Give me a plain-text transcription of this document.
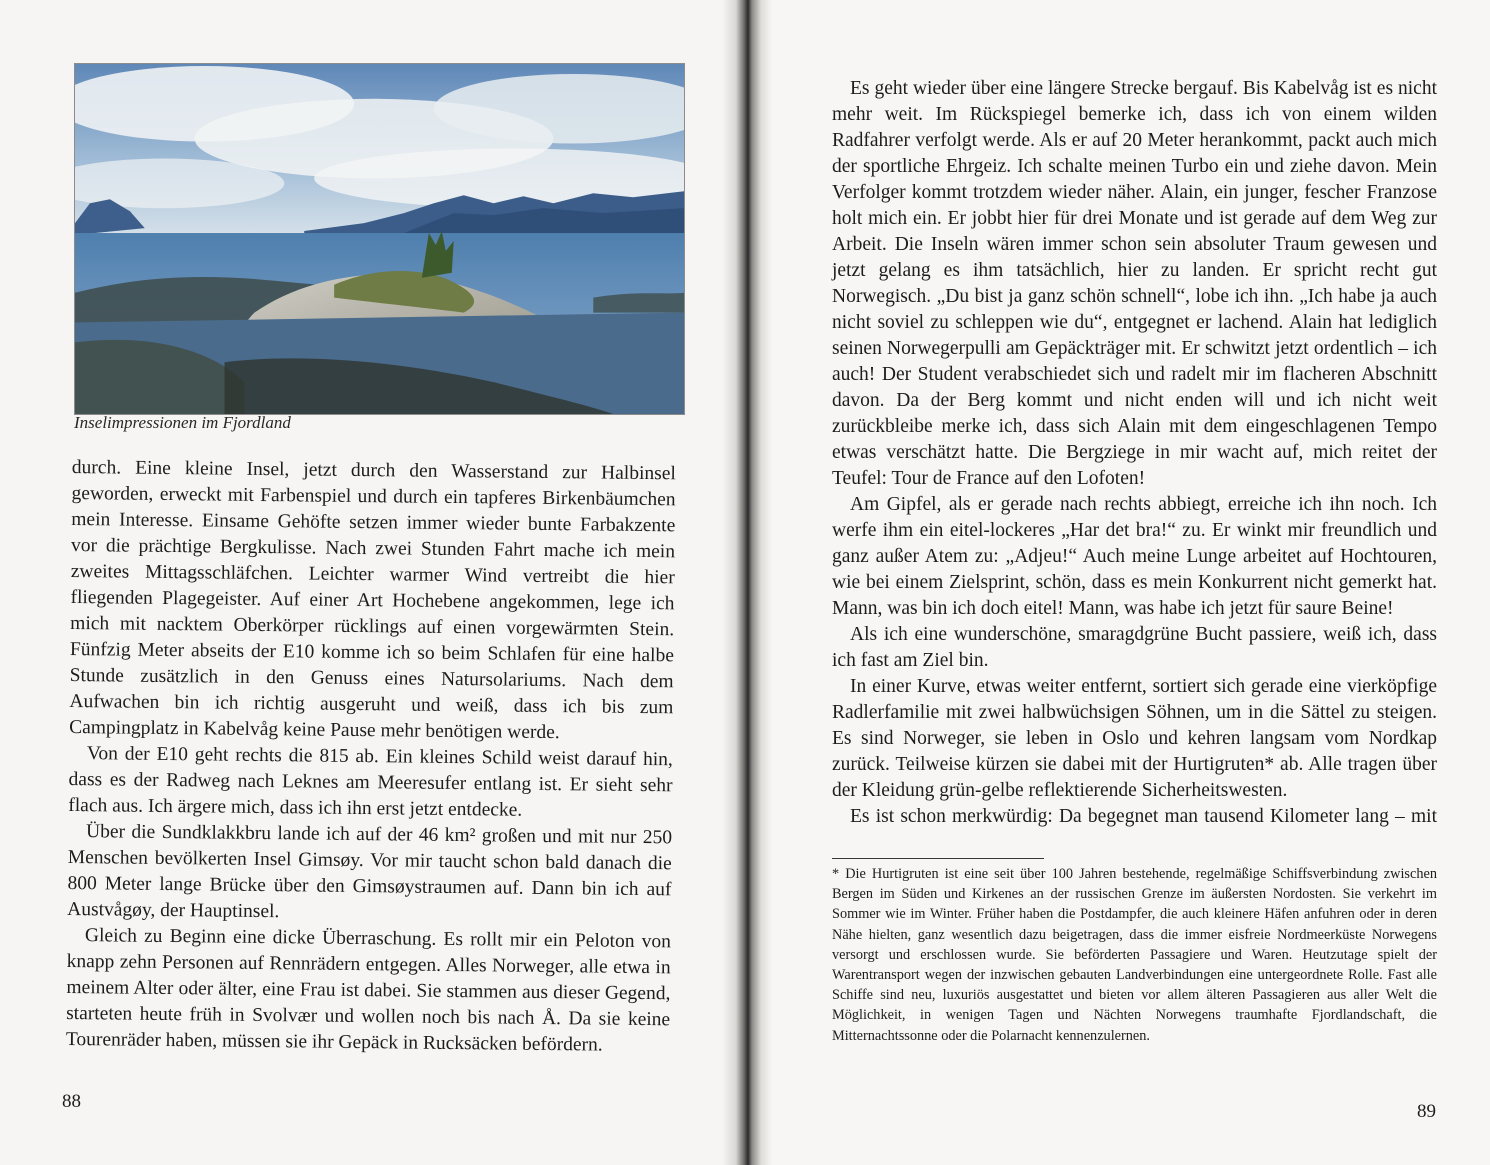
Inselimpressionen im Fjordland

durch. Eine kleine Insel, jetzt durch den Wasserstand zur Halbinsel geworden, erweckt mit Farbenspiel und durch ein tapferes Birkenbäumchen mein Interesse. Einsame Gehöfte setzen immer wieder bunte Farbakzente vor die prächtige Bergkulisse. Nach zwei Stunden Fahrt mache ich mein zweites Mittagsschläfchen. Leichter warmer Wind vertreibt die hier fliegenden Plagegeister. Auf einer Art Hochebene angekommen, lege ich mich mit nacktem Oberkörper rücklings auf einen vorgewärmten Stein. Fünfzig Meter abseits der E10 komme ich so beim Schlafen für eine halbe Stunde zusätzlich in den Genuss eines Natursolariums. Nach dem Aufwachen bin ich richtig ausgeruht und weiß, dass ich bis zum Campingplatz in Kabelvåg keine Pause mehr benötigen werde.

Von der E10 geht rechts die 815 ab. Ein kleines Schild weist darauf hin, dass es der Radweg nach Leknes am Meeresufer entlang ist. Er sieht sehr flach aus. Ich ärgere mich, dass ich ihn erst jetzt entdecke.

Über die Sundklakkbru lande ich auf der 46 km² großen und mit nur 250 Menschen bevölkerten Insel Gimsøy. Vor mir taucht schon bald danach die 800 Meter lange Brücke über den Gimsøystraumen auf. Dann bin ich auf Austvågøy, der Hauptinsel.

Gleich zu Beginn eine dicke Überraschung. Es rollt mir ein Peloton von knapp zehn Personen auf Rennrädern entgegen. Alles Norweger, alle etwa in meinem Alter oder älter, eine Frau ist dabei. Sie stammen aus dieser Gegend, starteten heute früh in Svolvær und wollen noch bis nach Å. Da sie keine Tourenräder haben, müssen sie ihr Gepäck in Rucksäcken befördern.

88

Es geht wieder über eine längere Strecke bergauf. Bis Kabelvåg ist es nicht mehr weit. Im Rückspiegel bemerke ich, dass ich von einem wilden Radfahrer verfolgt werde. Als er auf 20 Meter herankommt, packt auch mich der sportliche Ehrgeiz. Ich schalte meinen Turbo ein und ziehe davon. Mein Verfolger kommt trotzdem wieder näher. Alain, ein junger, fescher Franzose holt mich ein. Er jobbt hier für drei Monate und ist gerade auf dem Weg zur Arbeit. Die Inseln wären immer schon sein absoluter Traum gewesen und jetzt gelang es ihm tatsächlich, hier zu landen. Er spricht recht gut Norwegisch. „Du bist ja ganz schön schnell“, lobe ich ihn. „Ich habe ja auch nicht soviel zu schleppen wie du“, entgegnet er lachend. Alain hat lediglich seinen Norwegerpulli am Gepäckträger mit. Er schwitzt jetzt ordentlich – ich auch! Der Student verabschiedet sich und radelt mir im flacheren Abschnitt davon. Da der Berg kommt und nicht enden will und ich nicht weit zurückbleibe merke ich, dass sich Alain mit dem eingeschlagenen Tempo etwas verschätzt hatte. Die Bergziege in mir wacht auf, mich reitet der Teufel: Tour de France auf den Lofoten!

Am Gipfel, als er gerade nach rechts abbiegt, erreiche ich ihn noch. Ich werfe ihm ein eitel-lockeres „Har det bra!“ zu. Er winkt mir freundlich und ganz außer Atem zu: „Adjeu!“ Auch meine Lunge arbeitet auf Hochtouren, wie bei einem Zielsprint, schön, dass es mein Konkurrent nicht gemerkt hat. Mann, was bin ich doch eitel! Mann, was habe ich jetzt für saure Beine!

Als ich eine wunderschöne, smaragdgrüne Bucht passiere, weiß ich, dass ich fast am Ziel bin.

In einer Kurve, etwas weiter entfernt, sortiert sich gerade eine vierköpfige Radlerfamilie mit zwei halbwüchsigen Söhnen, um in die Sättel zu steigen. Es sind Norweger, sie leben in Oslo und kehren langsam vom Nordkap zurück. Teilweise kürzen sie dabei mit der Hurtigruten* ab. Alle tragen über der Kleidung grün-gelbe reflektierende Sicherheitswesten.

Es ist schon merkwürdig: Da begegnet man tausend Kilometer lang – mit

* Die Hurtigruten ist eine seit über 100 Jahren bestehende, regelmäßige Schiffsverbindung zwischen Bergen im Süden und Kirkenes an der russischen Grenze im äußersten Nordosten. Sie verkehrt im Sommer wie im Winter. Früher haben die Postdampfer, die auch kleinere Häfen anfuhren oder in deren Nähe hielten, ganz wesentlich dazu beigetragen, dass die immer eisfreie Nordmeerküste Norwegens versorgt und erschlossen wurde. Sie beförderten Passagiere und Waren. Heutzutage spielt der Warentransport wegen der inzwischen gebauten Landverbindungen eine untergeordnete Rolle. Fast alle Schiffe sind neu, luxuriös ausgestattet und bieten vor allem älteren Passagieren aus aller Welt die Möglichkeit, in wenigen Tagen und Nächten Norwegens traumhafte Fjordlandschaft, die Mitternachtssonne oder die Polarnacht kennenzulernen.

89
